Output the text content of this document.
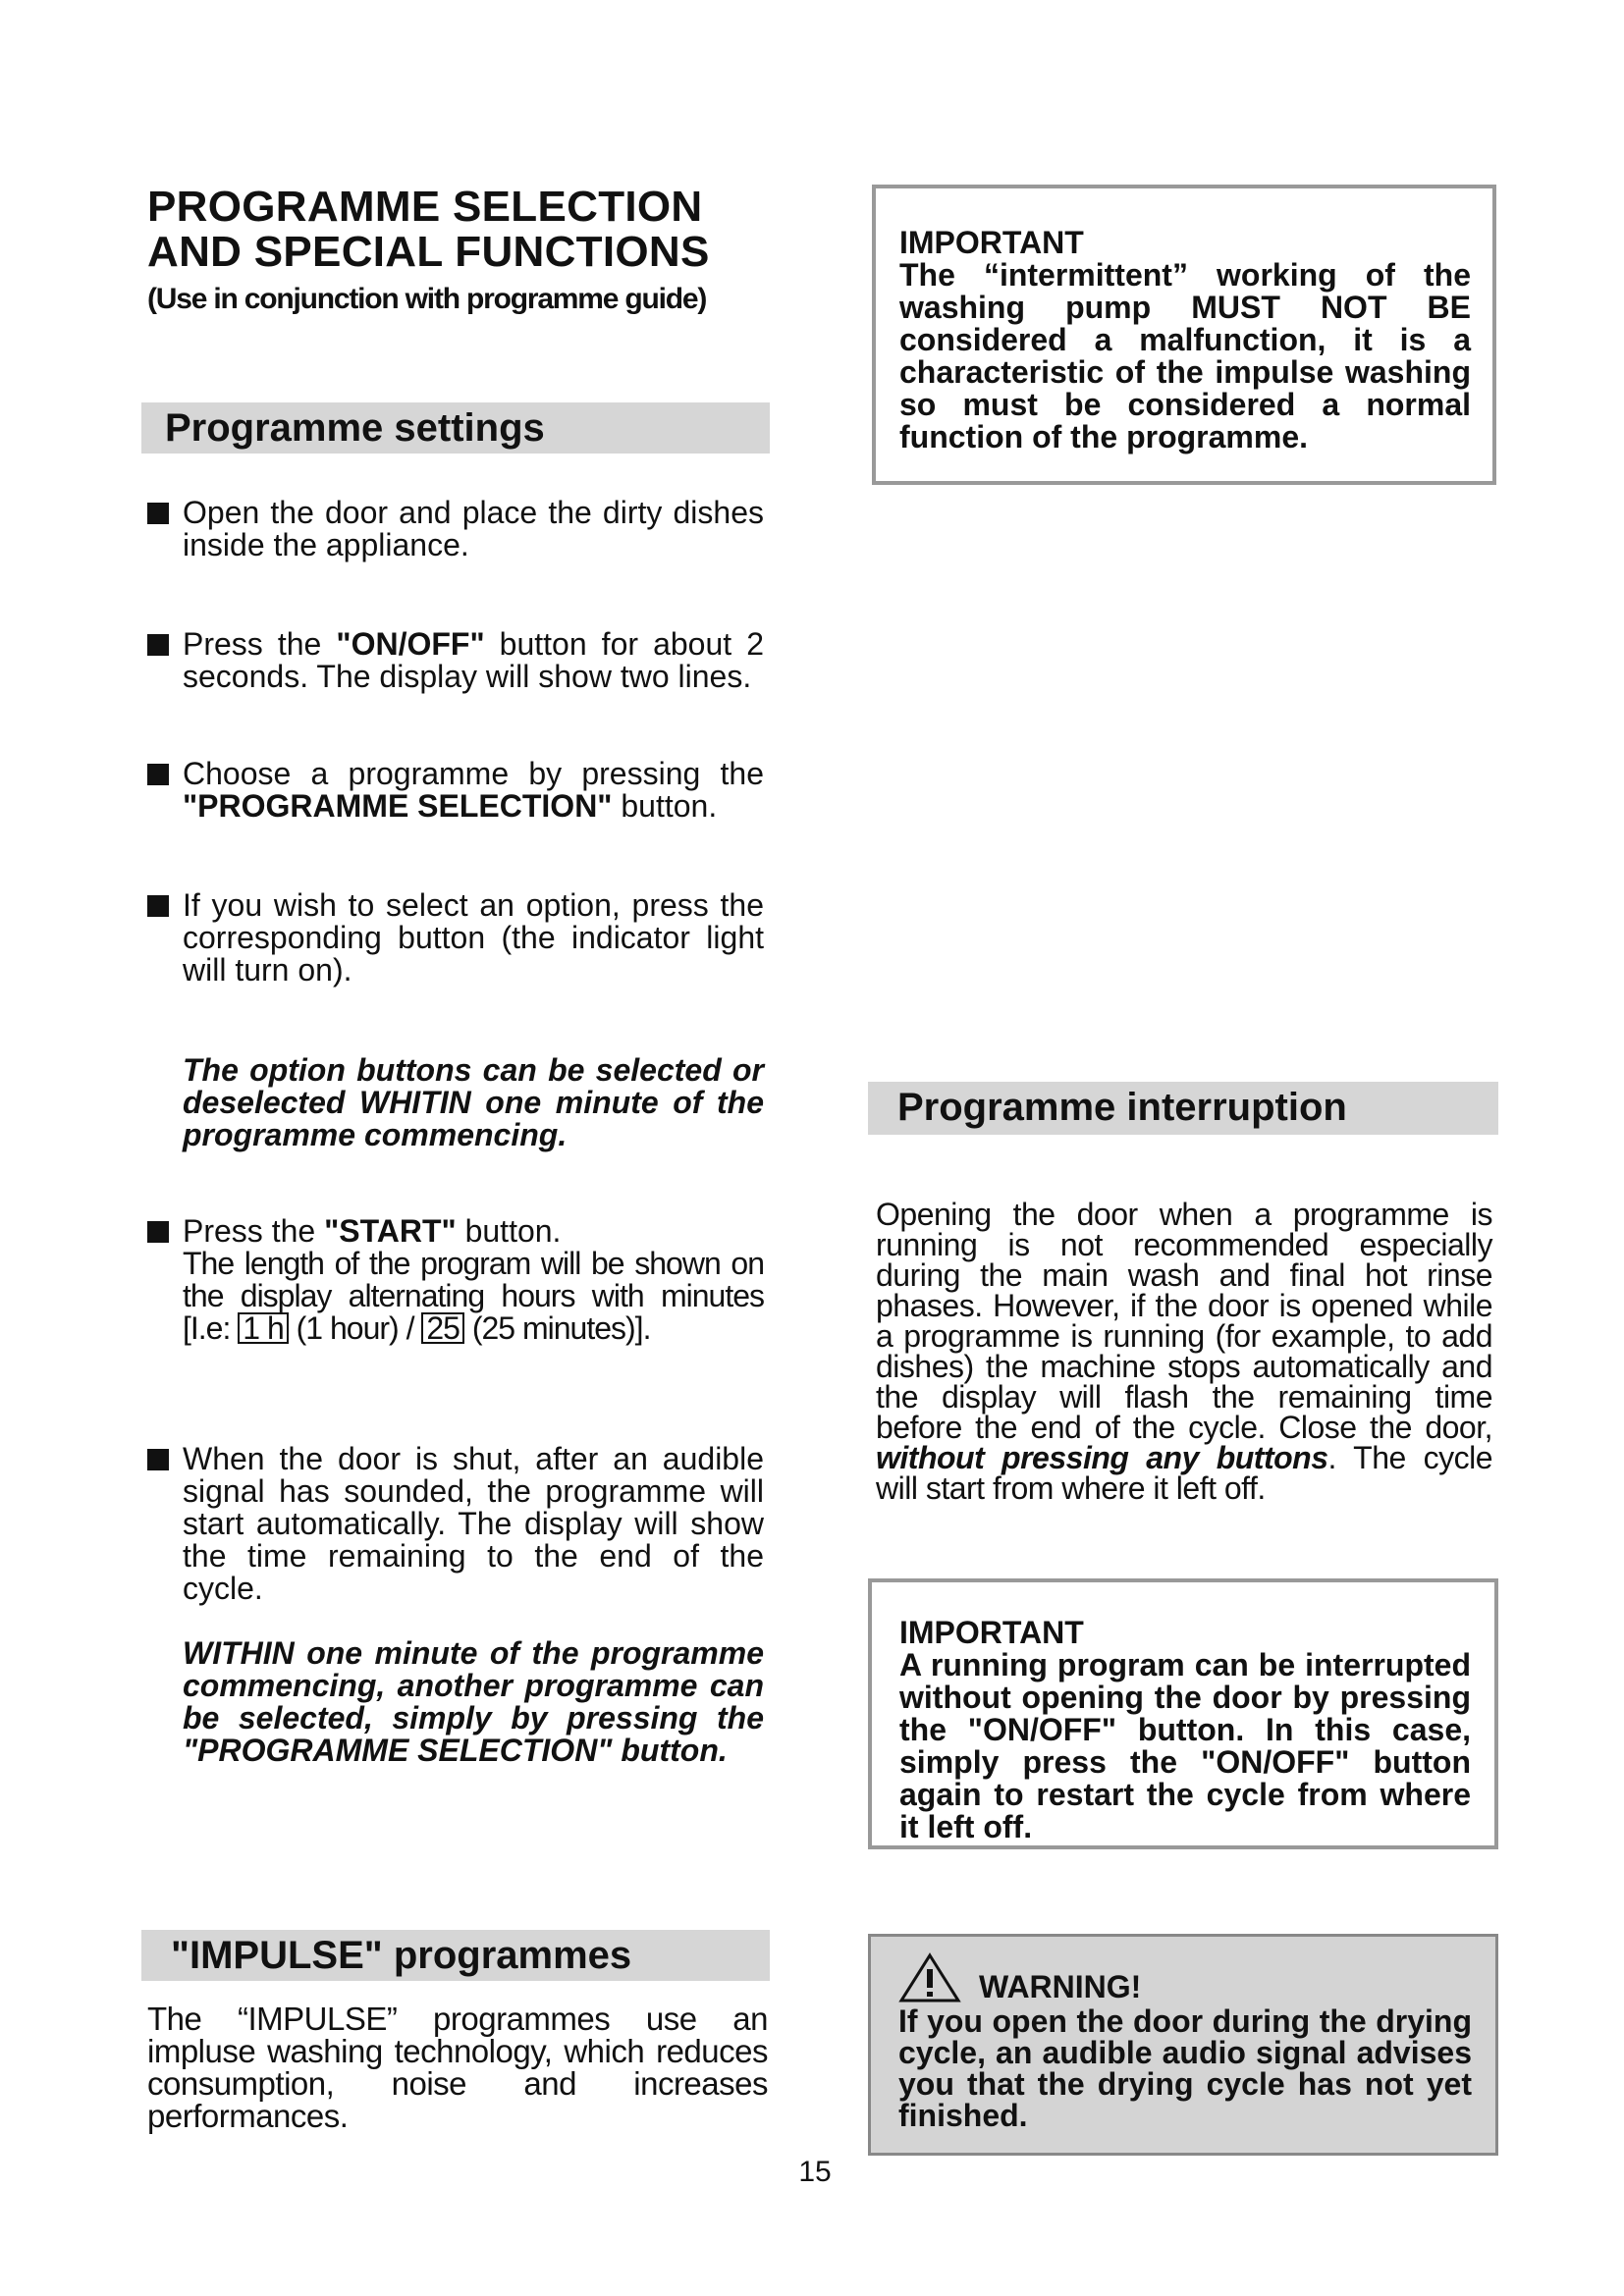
PROGRAMME SELECTION
AND SPECIAL FUNCTIONS
(Use in conjunction with programme guide)
Programme settings
Open the door and place the dirty dishes inside the appliance.
Press the "ON/OFF" button for about 2 seconds. The display will show two lines.
Choose a programme by pressing the "PROGRAMME SELECTION" button.
If you wish to select an option, press the corresponding button (the indicator light will turn on).
The option buttons can be selected or deselected WHITIN one minute of the programme commencing.
Press the "START" button.
The length of the program will be shown on the display alternating hours with minutes [I.e: 1 h (1 hour) / 25 (25 minutes)].
When the door is shut, after an audible signal has sounded, the programme will start automatically. The display will show the time remaining to the end of the cycle.
WITHIN one minute of the programme commencing, another programme can be selected, simply by pressing the "PROGRAMME SELECTION" button.
"IMPULSE" programmes
The “IMPULSE” programmes use an impluse washing technology, which reduces consumption, noise and increases performances.
IMPORTANT
The “intermittent” working of the washing pump MUST NOT BE considered a malfunction, it is a characteristic of the impulse washing so must be considered a normal function of the programme.
Programme interruption
Opening the door when a programme is running is not recommended especially during the main wash and final hot rinse phases. However, if the door is opened while a programme is running (for example, to add dishes) the machine stops automatically and the display will flash the remaining time before the end of the cycle. Close the door, without pressing any buttons. The cycle will start from where it left off.
IMPORTANT
A running program can be interrupted without opening the door by pressing the "ON/OFF" button. In this case, simply press the "ON/OFF" button again to restart the cycle from where it left off.
WARNING!
If you open the door during the drying cycle, an audible audio signal advises you that the drying cycle has not yet finished.
15
